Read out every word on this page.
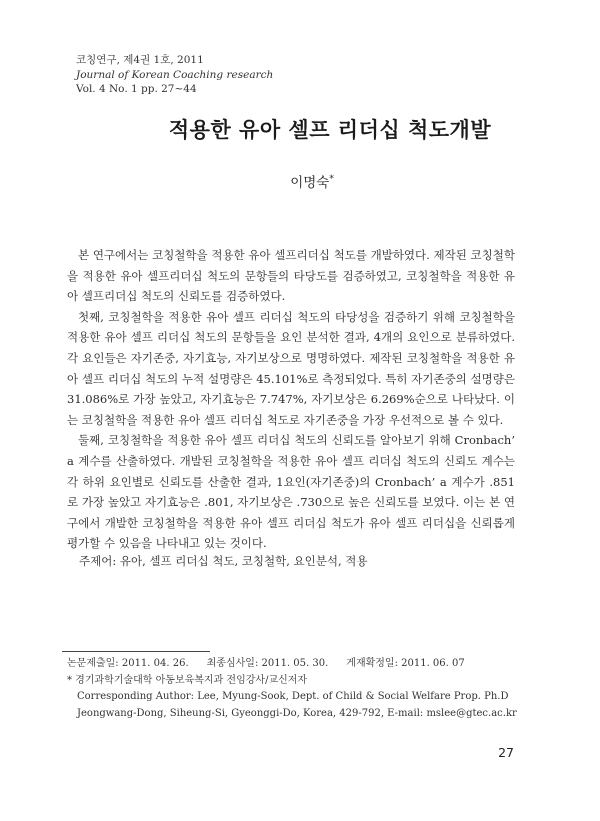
코칭연구, 제4권 1호, 2011
Journal of Korean Coaching research
Vol. 4 No. 1 pp. 27~44
적용한 유아 셀프 리더십 척도개발
이명숙*

본 연구에서는 코칭철학을 적용한 유아 셀프리더십 척도를 개발하였다. 제작된 코칭철학을 적용한 유아 셀프리더십 척도의 문항들의 타당도를 검증하였고, 코칭철학을 적용한 유아 셀프리더십 척도의 신뢰도를 검증하였다.

첫째, 코칭철학을 적용한 유아 셀프 리더십 척도의 타당성을 검증하기 위해 코칭철학을 적용한 유아 셀프 리더십 척도의 문항들을 요인 분석한 결과, 4개의 요인으로 분류하였다. 각 요인들은 자기존중, 자기효능, 자기보상으로 명명하였다. 제작된 코칭철학을 적용한 유아 셀프 리더십 척도의 누적 설명량은 45.101%로 측정되었다. 특히 자기존중의 설명량은 31.086%로 가장 높았고, 자기효능은 7.747%, 자기보상은 6.269%순으로 나타났다. 이는 코칭철학을 적용한 유아 셀프 리더십 척도로 자기존중을 가장 우선적으로 볼 수 있다.

둘째, 코칭철학을 적용한 유아 셀프 리더십 척도의 신뢰도를 알아보기 위해 Cronbach’ a 계수를 산출하였다. 개발된 코칭철학을 적용한 유아 셀프 리더십 척도의 신뢰도 계수는 각 하위 요인별로 신뢰도를 산출한 결과, 1요인(자기존중)의 Cronbach’ a 계수가 .851로 가장 높았고 자기효능은 .801, 자기보상은 .730으로 높은 신뢰도를 보였다. 이는 본 연구에서 개발한 코칭철학을 적용한 유아 셀프 리더십 척도가 유아 셀프 리더십을 신뢰롭게 평가할 수 있음을 나타내고 있는 것이다.

주제어: 유아, 셀프 리더십 척도, 코칭철학, 요인분석, 적용
논문제출일: 2011. 04. 26. 최종심사일: 2011. 05. 30. 게재확정일: 2011. 06. 07
* 경기과학기술대학 아동보육복지과 전임강사/교신저자
Corresponding Author: Lee, Myung-Sook, Dept. of Child & Social Welfare Prop. Ph.D
Jeongwang-Dong, Siheung-Si, Gyeonggi-Do, Korea, 429-792, E-mail: mslee@gtec.ac.kr
27
